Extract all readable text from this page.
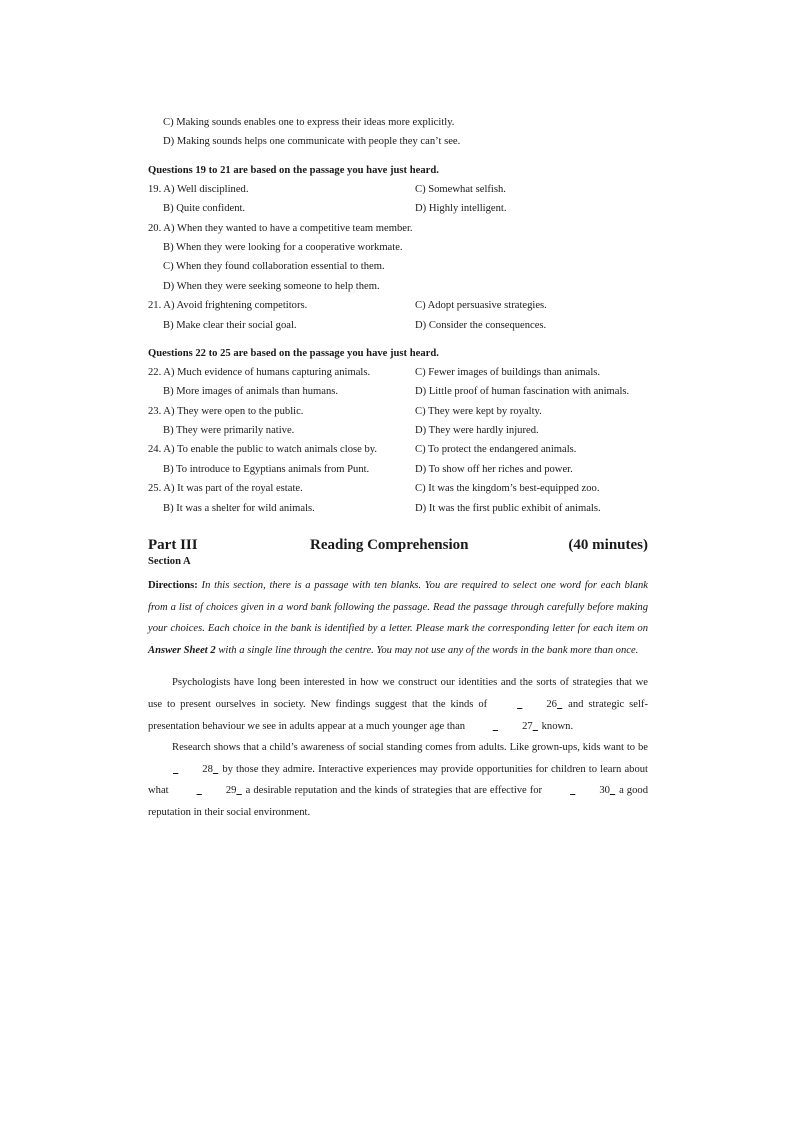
C) Making sounds enables one to express their ideas more explicitly.
D) Making sounds helps one communicate with people they can’t see.
Questions 19 to 21 are based on the passage you have just heard.
19. A) Well disciplined.	C) Somewhat selfish.
B) Quite confident.	D) Highly intelligent.
20. A) When they wanted to have a competitive team member.
B) When they were looking for a cooperative workmate.
C) When they found collaboration essential to them.
D) When they were seeking someone to help them.
21. A) Avoid frightening competitors.	C) Adopt persuasive strategies.
B) Make clear their social goal.	D) Consider the consequences.
Questions 22 to 25 are based on the passage you have just heard.
22. A) Much evidence of humans capturing animals.	C) Fewer images of buildings than animals.
B) More images of animals than humans.	D) Little proof of human fascination with animals.
23. A) They were open to the public.	C) They were kept by royalty.
B) They were primarily native.	D) They were hardly injured.
24. A) To enable the public to watch animals close by.	C) To protect the endangered animals.
B) To introduce to Egyptians animals from Punt.	D) To show off her riches and power.
25. A) It was part of the royal estate.	C) It was the kingdom’s best-equipped zoo.
B) It was a shelter for wild animals.	D) It was the first public exhibit of animals.
Part III	Reading Comprehension	(40 minutes)
Section A
Directions: In this section, there is a passage with ten blanks. You are required to select one word for each blank from a list of choices given in a word bank following the passage. Read the passage through carefully before making your choices. Each choice in the bank is identified by a letter. Please mark the corresponding letter for each item on Answer Sheet 2 with a single line through the centre. You may not use any of the words in the bank more than once.

Psychologists have long been interested in how we construct our identities and the sorts of strategies that we use to present ourselves in society. New findings suggest that the kinds of	26   and strategic self-presentation behaviour we see in adults appear at a much younger age than	27   known.

Research shows that a child’s awareness of social standing comes from adults. Like grown-ups, kids want to be   28   by those they admire. Interactive experiences may provide opportunities for children to learn about what	29   a desirable reputation and the kinds of strategies that are effective for	30   a good reputation in their social environment.
